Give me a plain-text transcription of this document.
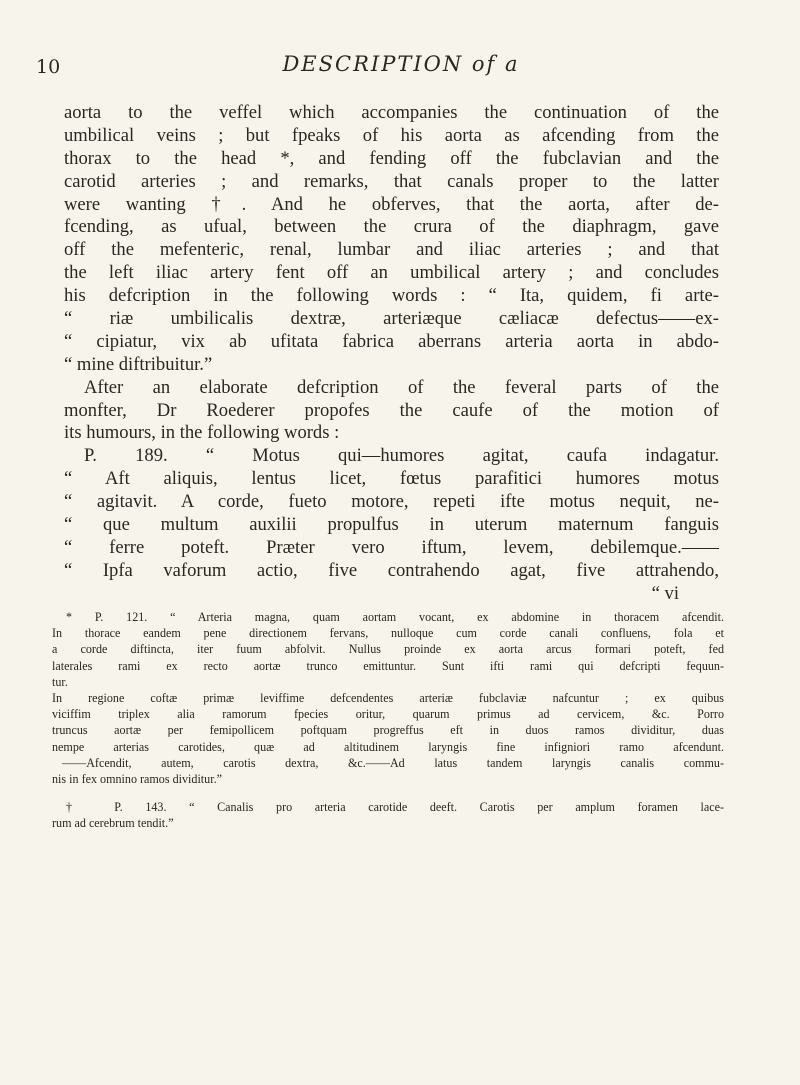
10	DESCRIPTION of a
aorta to the veffel which accompanies the continuation of the
umbilical veins ; but fpeaks of his aorta as afcending from the
thorax to the head *, and fending off the fubclavian and the
carotid arteries ; and remarks, that canals proper to the latter
were wanting †. And he obferves, that the aorta, after de-
fcending, as ufual, between the crura of the diaphragm, gave
off the mefenteric, renal, lumbar and iliac arteries ; and that
the left iliac artery fent off an umbilical artery ; and concludes
his defcription in the following words : “ Ita, quidem, fi arte-
“ riæ umbilicalis dextræ, arteriæque cæliacæ defectus——ex-
“ cipiatur, vix ab ufitata fabrica aberrans arteria aorta in abdo-
“ mine diftribuitur.”
After an elaborate defcription of the feveral parts of the
monfter, Dr Roederer propofes the caufe of the motion of
its humours, in the following words :
P. 189. “ Motus qui—humores agitat, caufa indagatur.
“ Aft aliquis, lentus licet, fœtus parafitici humores motus
“ agitavit. A corde, fueto motore, repeti ifte motus nequit, ne-
“ que multum auxilii propulfus in uterum maternum fanguis
“ ferre poteft. Præter vero iftum, levem, debilemque.——
“ Ipfa vaforum actio, five contrahendo agat, five attrahendo,
“ vi
* P. 121. “ Arteria magna, quam aortam vocant, ex abdomine in thoracem afcendit.
In thorace eandem pene directionem fervans, nulloque cum corde canali confluens, fola et
a corde diftincta, iter fuum abfolvit. Nullus proinde ex aorta arcus formari poteft, fed
laterales rami ex recto aortæ trunco emittuntur. Sunt ifti rami qui defcripti fequun-
tur.
In regione coftæ primæ leviffime defcendentes arteriæ fubclaviæ nafcuntur ; ex quibus
viciffim triplex alia ramorum fpecies oritur, quarum primus ad cervicem, &c. Porro
truncus aortæ per femipollicem poftquam progreffus eft in duos ramos dividitur, duas
nempe arterias carotides, quæ ad altitudinem laryngis fine infigniori ramo afcendunt.
——Afcendit, autem, carotis dextra, &c.——Ad latus tandem laryngis canalis commu-
nis in fex omnino ramos dividitur.”
† P. 143. “ Canalis pro arteria carotide deeft. Carotis per amplum foramen lace-
rum ad cerebrum tendit.”
